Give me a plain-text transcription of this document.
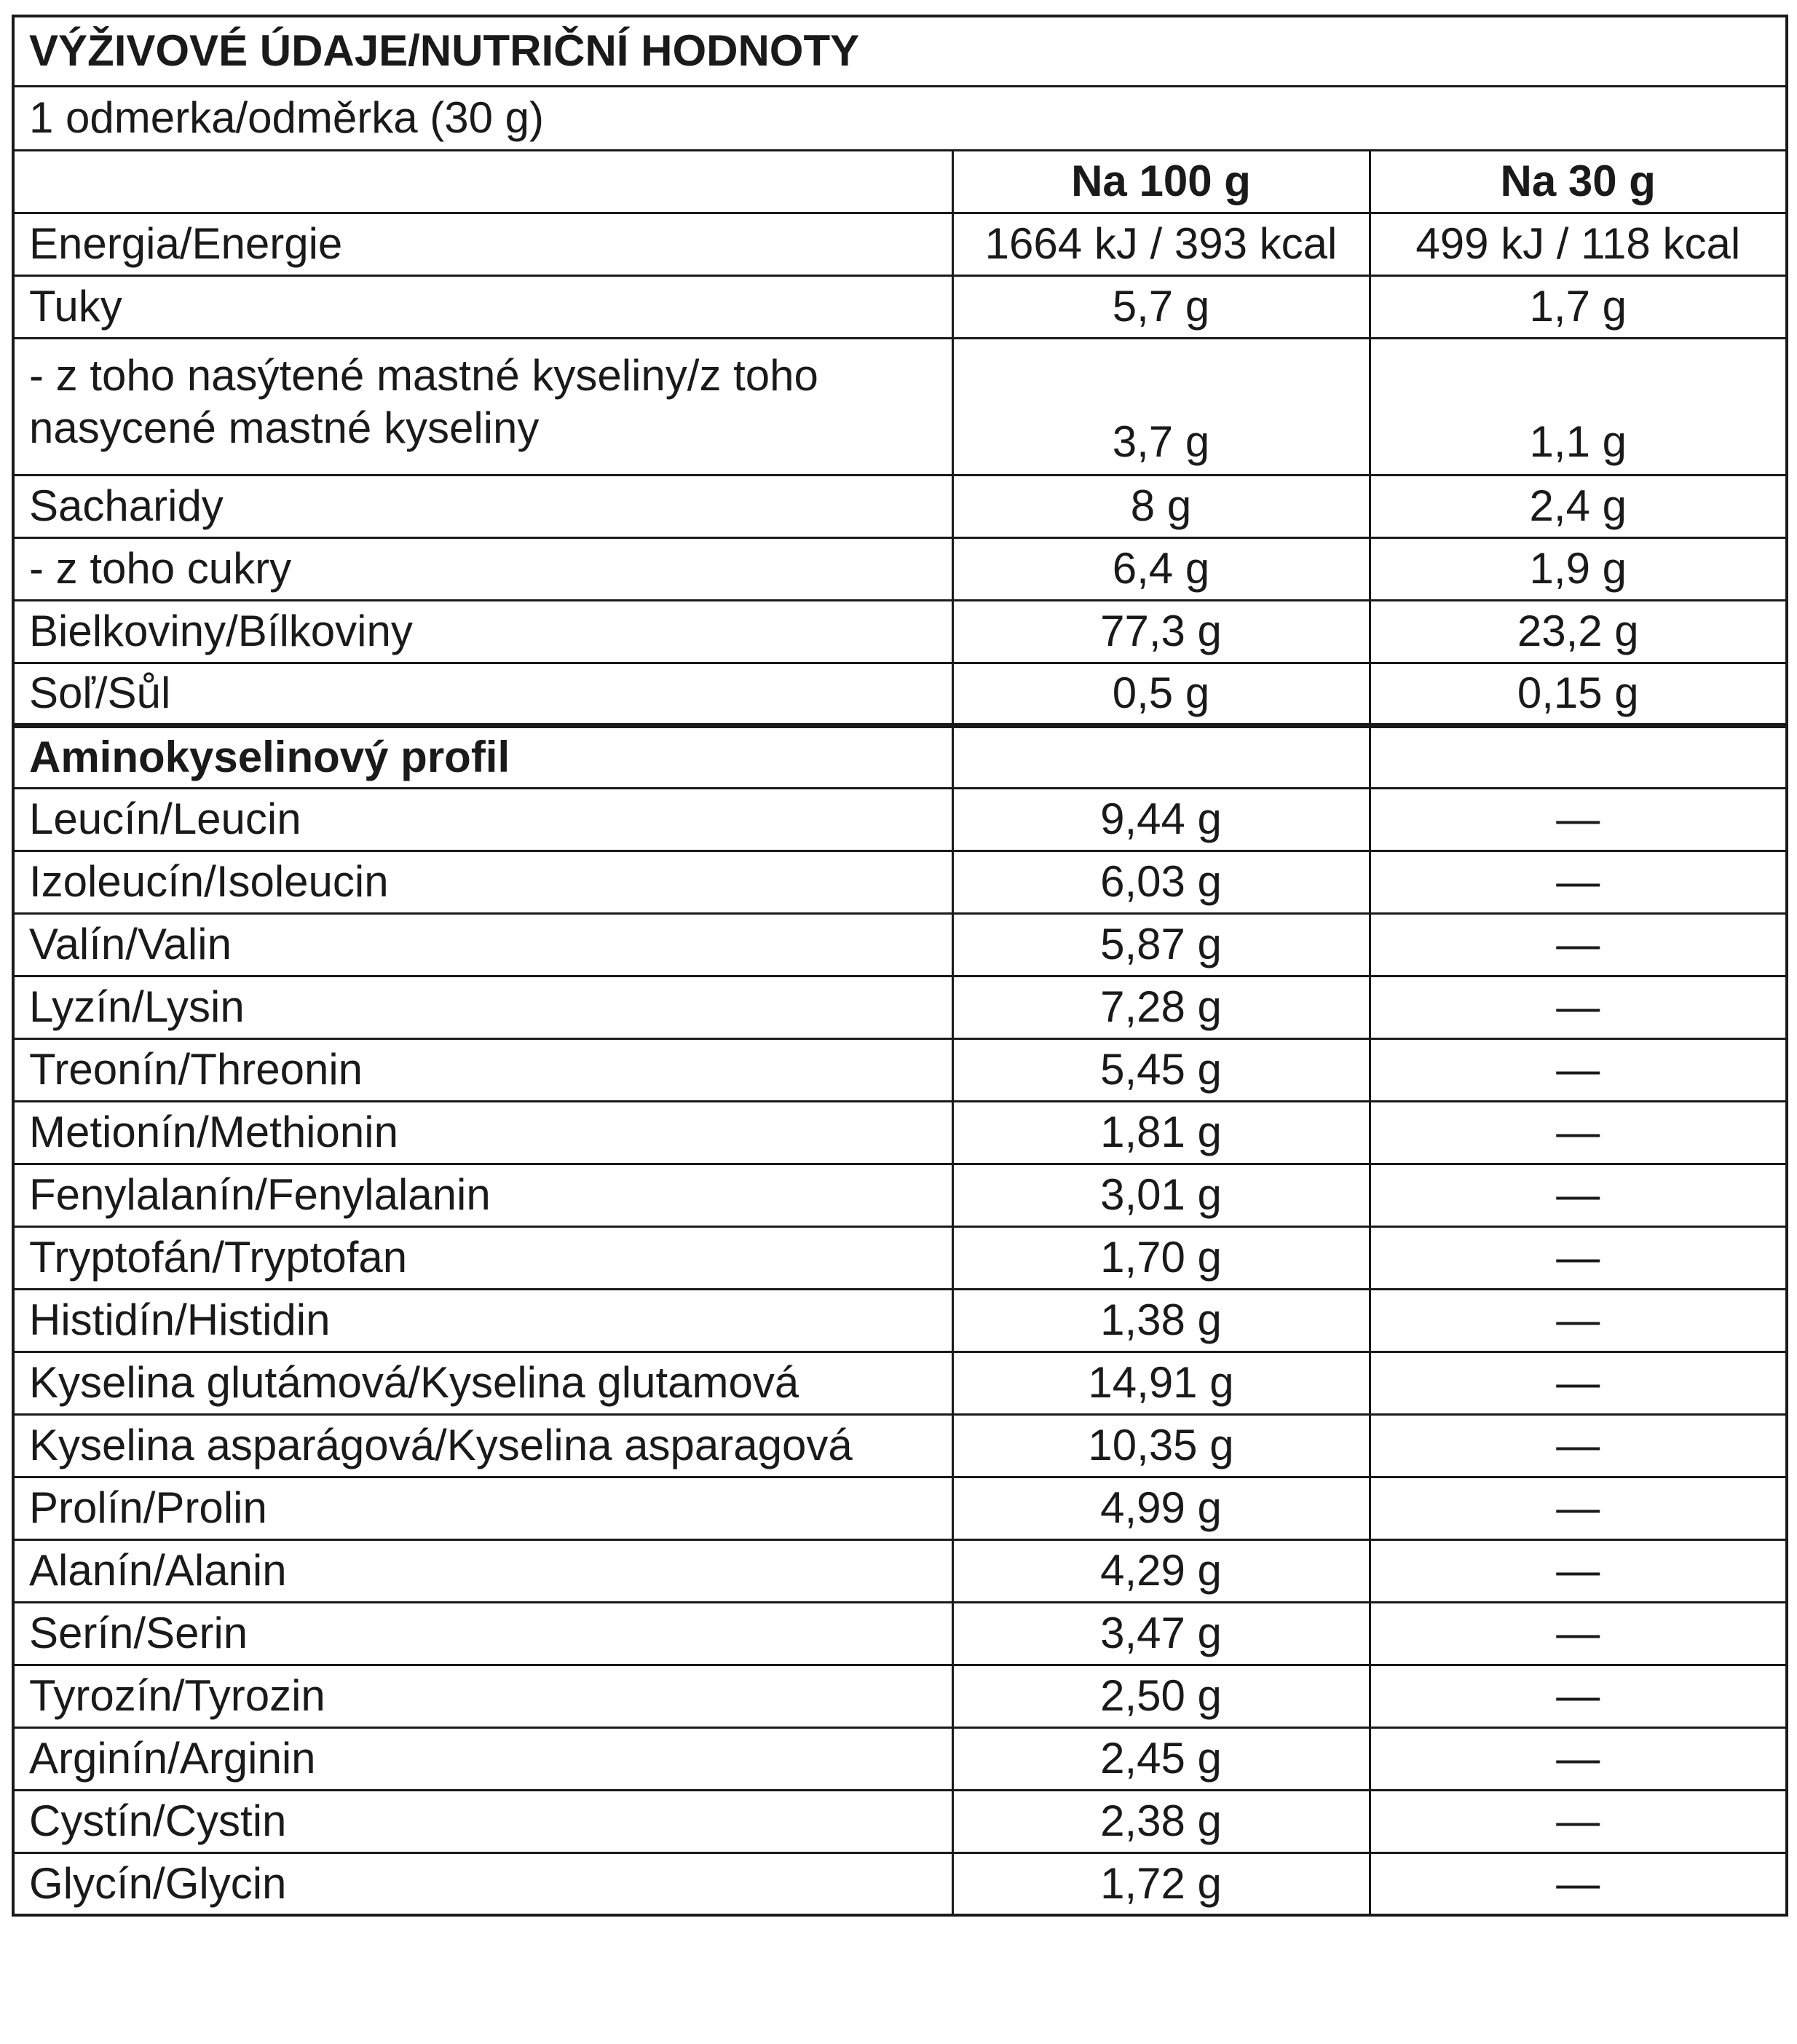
VÝŽIVOVÉ ÚDAJE/NUTRIČNÍ HODNOTY		
1 odmerka/odměrka (30 g)		
	Na 100 g	Na 30 g
Energia/Energie	1664 kJ / 393 kcal	499 kJ / 118 kcal
Tuky	5,7 g	1,7 g
- z toho nasýtené mastné kyseliny/z toho nasycené mastné kyseliny	3,7 g	1,1 g
Sacharidy	8 g	2,4 g
- z toho cukry	6,4 g	1,9 g
Bielkoviny/Bílkoviny	77,3 g	23,2 g
Soľ/Sůl	0,5 g	0,15 g
Aminokyselinový profil		
Leucín/Leucin	9,44 g	—
Izoleucín/Isoleucin	6,03 g	—
Valín/Valin	5,87 g	—
Lyzín/Lysin	7,28 g	—
Treonín/Threonin	5,45 g	—
Metionín/Methionin	1,81 g	—
Fenylalanín/Fenylalanin	3,01 g	—
Tryptofán/Tryptofan	1,70 g	—
Histidín/Histidin	1,38 g	—
Kyselina glutámová/Kyselina glutamová	14,91 g	—
Kyselina asparágová/Kyselina asparagová	10,35 g	—
Prolín/Prolin	4,99 g	—
Alanín/Alanin	4,29 g	—
Serín/Serin	3,47 g	—
Tyrozín/Tyrozin	2,50 g	—
Arginín/Arginin	2,45 g	—
Cystín/Cystin	2,38 g	—
Glycín/Glycin	1,72 g	—
